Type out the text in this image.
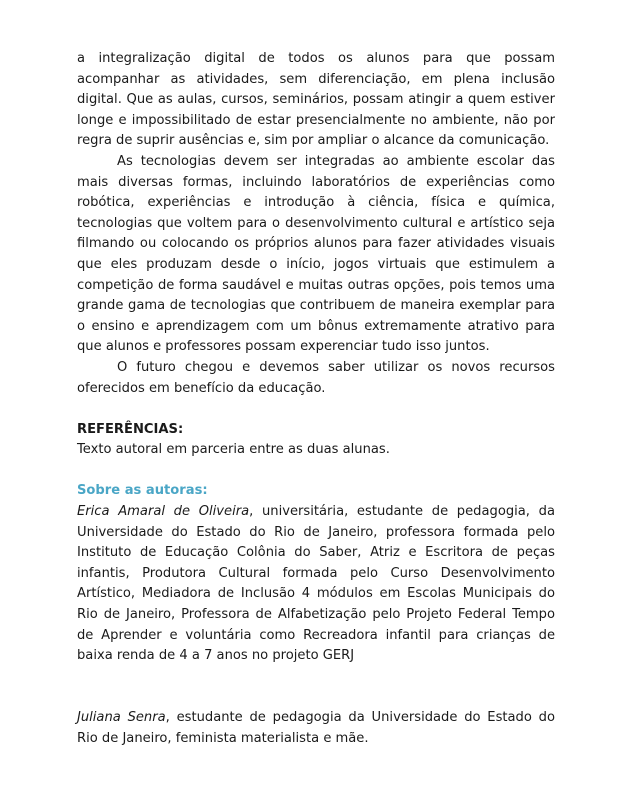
a integralização digital de todos os alunos para que possam acompanhar as atividades, sem diferenciação, em plena inclusão digital. Que as aulas, cursos, seminários, possam atingir a quem estiver longe e impossibilitado de estar presencialmente no ambiente, não por regra de suprir ausências e, sim por ampliar o alcance da comunicação.

As tecnologias devem ser integradas ao ambiente escolar das mais diversas formas, incluindo laboratórios de experiências como robótica, experiências e introdução à ciência, física e química, tecnologias que voltem para o desenvolvimento cultural e artístico seja filmando ou colocando os próprios alunos para fazer atividades visuais que eles produzam desde o início, jogos virtuais que estimulem a competição de forma saudável e muitas outras opções, pois temos uma grande gama de tecnologias que contribuem de maneira exemplar para o ensino e aprendizagem com um bônus extremamente atrativo para que alunos e professores possam experenciar tudo isso juntos.

O futuro chegou e devemos saber utilizar os novos recursos oferecidos em benefício da educação.

REFERÊNCIAS:

Texto autoral em parceria entre as duas alunas.

Sobre as autoras:

Erica Amaral de Oliveira, universitária, estudante de pedagogia, da Universidade do Estado do Rio de Janeiro, professora formada pelo Instituto de Educação Colônia do Saber, Atriz e Escritora de peças infantis, Produtora Cultural formada pelo Curso Desenvolvimento Artístico, Mediadora de Inclusão 4 módulos em Escolas Municipais do Rio de Janeiro, Professora de Alfabetização pelo Projeto Federal Tempo de Aprender e voluntária como Recreadora infantil para crianças de baixa renda de 4 a 7 anos no projeto GERJ

Juliana Senra, estudante de pedagogia da Universidade do Estado do Rio de Janeiro, feminista materialista e mãe.
